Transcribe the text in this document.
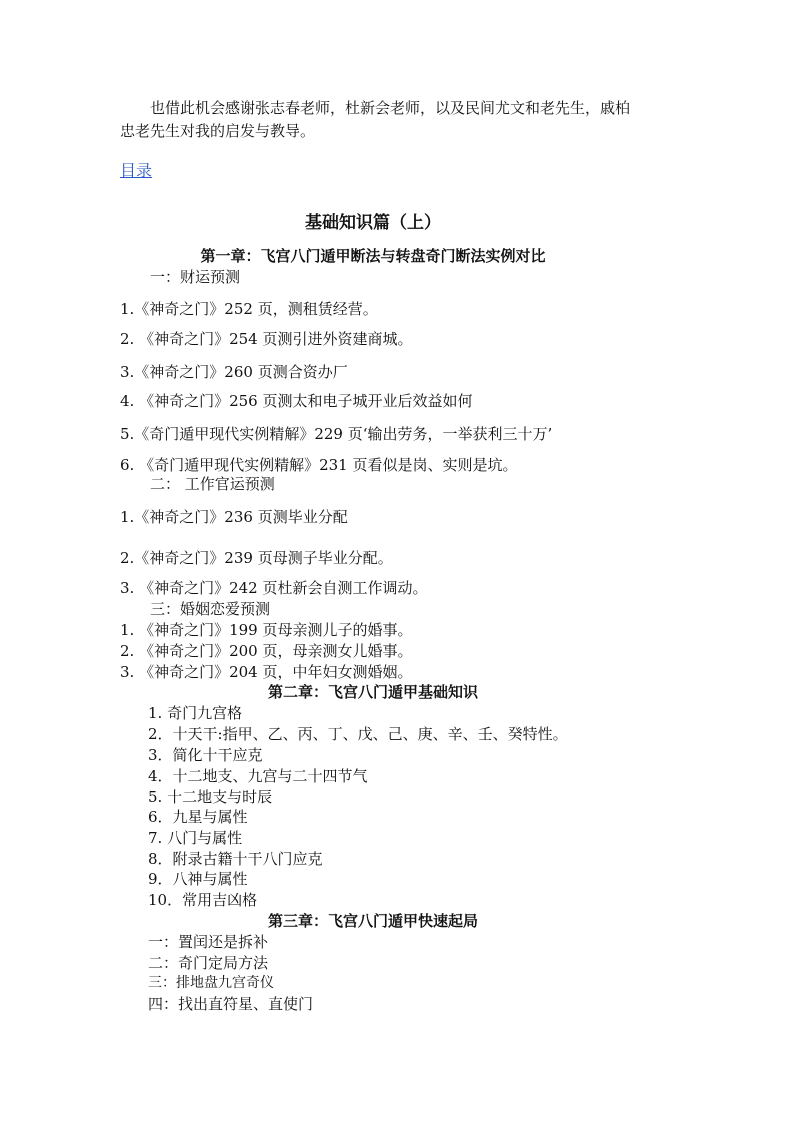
也借此机会感谢张志春老师，杜新会老师，以及民间尤文和老先生，戚柏
忠老先生对我的启发与教导。
目录
基础知识篇（上）
第一章：飞宫八门遁甲断法与转盘奇门断法实例对比
一：财运预测
1.《神奇之门》252 页，测租赁经营。
2. 《神奇之门》254 页测引进外资建商城。
3.《神奇之门》260 页测合资办厂
4. 《神奇之门》256 页测太和电子城开业后效益如何
5.《奇门遁甲现代实例精解》229 页‘输出劳务，一举获利三十万’
6. 《奇门遁甲现代实例精解》231 页看似是岗、实则是坑。
二： 工作官运预测
1.《神奇之门》236 页测毕业分配
2.《神奇之门》239 页母测子毕业分配。
3. 《神奇之门》242 页杜新会自测工作调动。
三：婚姻恋爱预测
1. 《神奇之门》199 页母亲测儿子的婚事。
2. 《神奇之门》200 页，母亲测女儿婚事。
3. 《神奇之门》204 页，中年妇女测婚姻。
第二章：飞宫八门遁甲基础知识
1. 奇门九宫格
2．十天干:指甲、乙、丙、丁、戊、己、庚、辛、壬、癸特性。
3．简化十干应克
4．十二地支、九宫与二十四节气
5. 十二地支与时辰
6．九星与属性
7. 八门与属性
8．附录古籍十干八门应克
9．八神与属性
10．常用吉凶格
第三章：飞宫八门遁甲快速起局
一：置闰还是拆补
二：奇门定局方法
三：排地盘九宫奇仪
四：找出直符星、直使门
